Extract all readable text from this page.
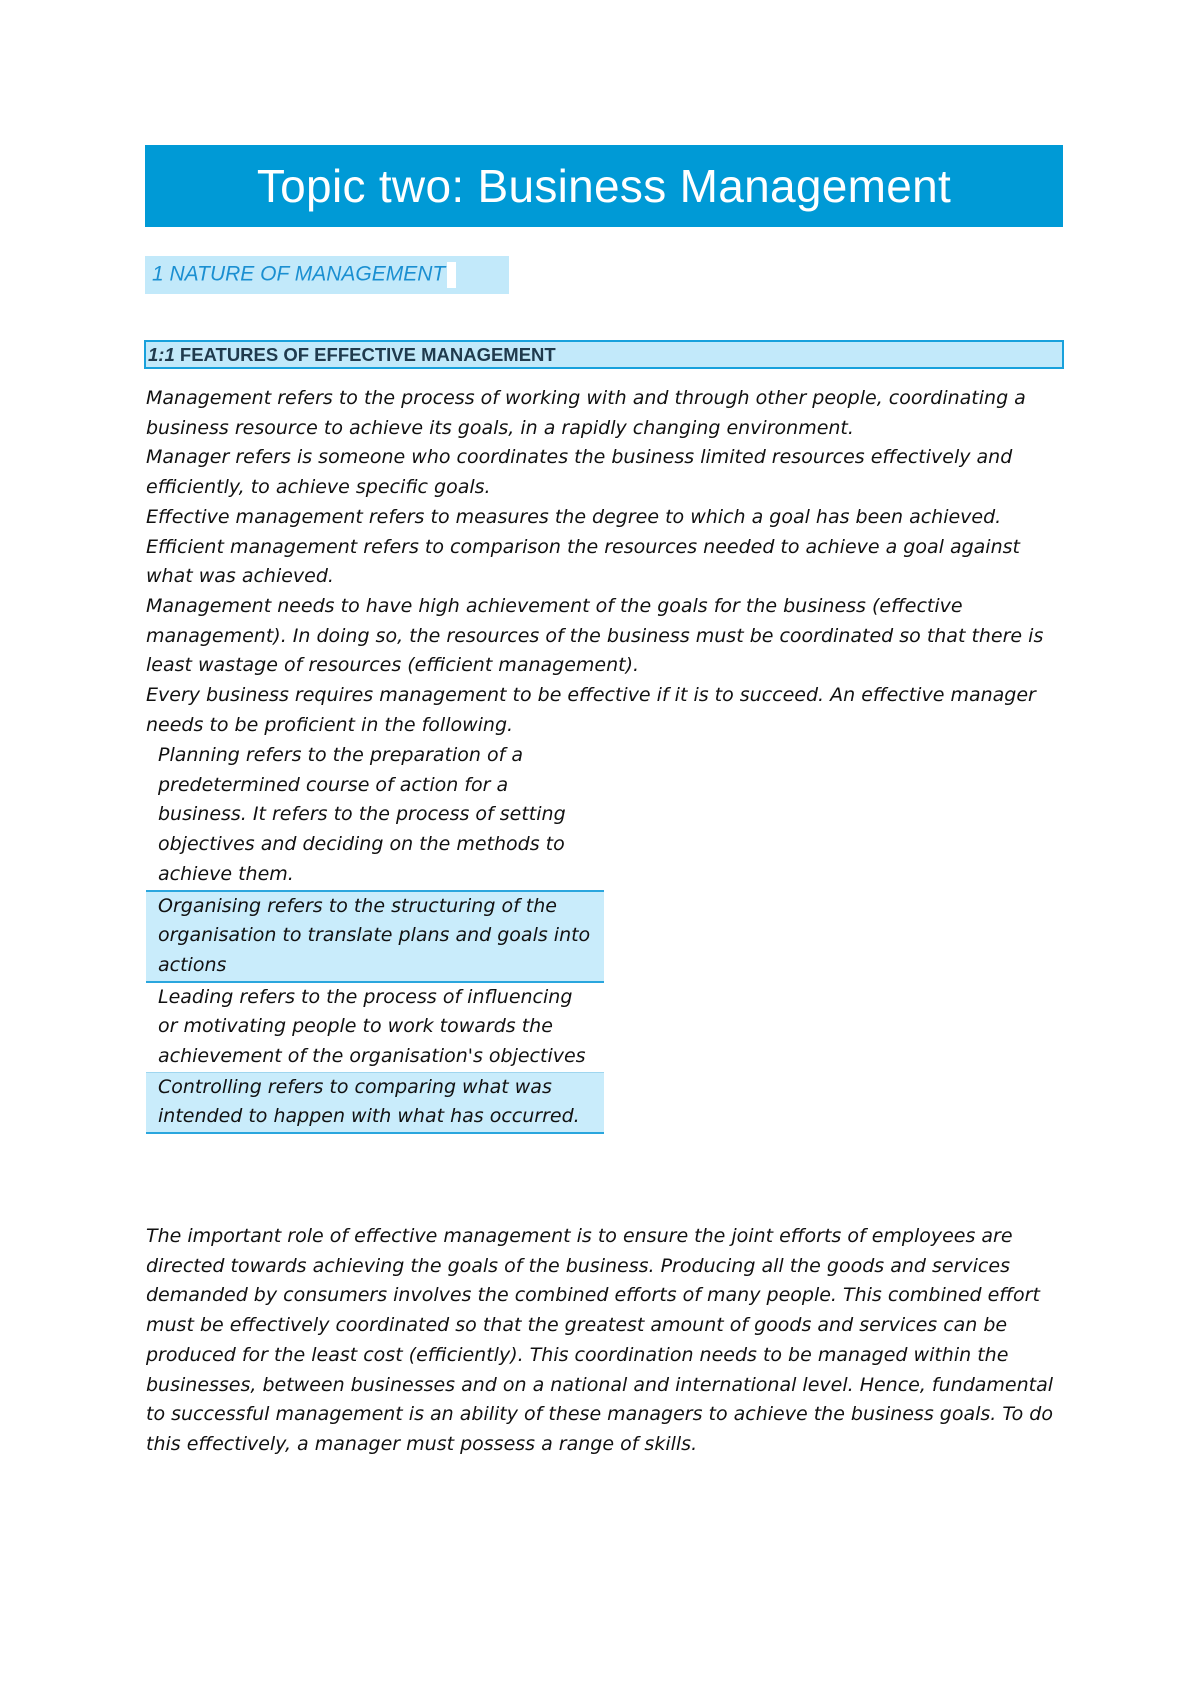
Topic two: Business Management
1 NATURE OF MANAGEMENT
1:1 FEATURES OF EFFECTIVE MANAGEMENT

Management refers to the process of working with and through other people, coordinating a business resource to achieve its goals, in a rapidly changing environment.

Manager refers is someone who coordinates the business limited resources effectively and efficiently, to achieve specific goals.

Effective management refers to measures the degree to which a goal has been achieved.

Efficient management refers to comparison the resources needed to achieve a goal against what was achieved.

Management needs to have high achievement of the goals for the business (effective management). In doing so, the resources of the business must be coordinated so that there is least wastage of resources (efficient management).

Every business requires management to be effective if it is to succeed. An effective manager needs to be proficient in the following.

Planning refers to the preparation of a predetermined course of action for a business. It refers to the process of setting objectives and deciding on the methods to achieve them.
Organising refers to the structuring of the organisation to translate plans and goals into actions
Leading refers to the process of influencing or motivating people to work towards the achievement of the organisation's objectives
Controlling refers to comparing what was intended to happen with what has occurred.

The important role of effective management is to ensure the joint efforts of employees are directed towards achieving the goals of the business. Producing all the goods and services demanded by consumers involves the combined efforts of many people. This combined effort must be effectively coordinated so that the greatest amount of goods and services can be produced for the least cost (efficiently). This coordination needs to be managed within the businesses, between businesses and on a national and international level. Hence, fundamental to successful management is an ability of these managers to achieve the business goals. To do this effectively, a manager must possess a range of skills.
